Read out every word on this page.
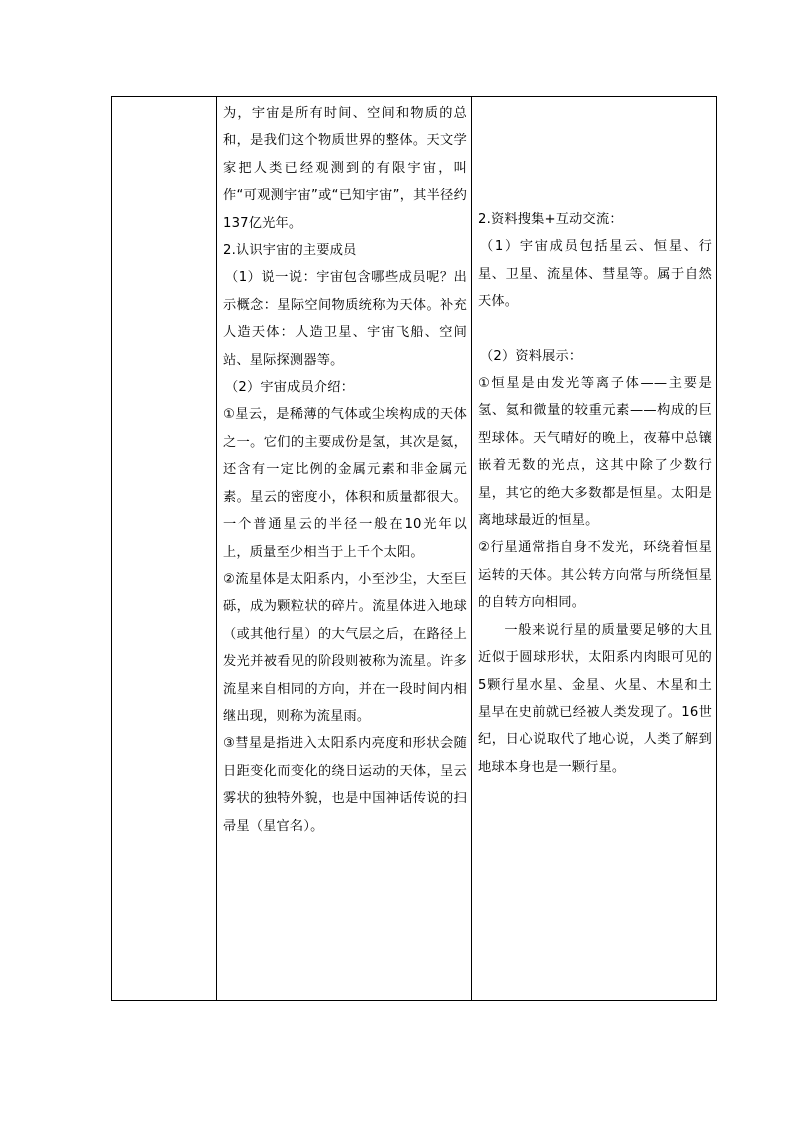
为，宇宙是所有时间、空间和物质的总和，是我们这个物质世界的整体。天文学家把人类已经观测到的有限宇宙，叫作“可观测宇宙”或“已知宇宙”，其半径约137亿光年。

2.认识宇宙的主要成员

（1）说一说：宇宙包含哪些成员呢？出示概念：星际空间物质统称为天体。补充人造天体：人造卫星、宇宙飞船、空间站、星际探测器等。

（2）宇宙成员介绍：

①星云，是稀薄的气体或尘埃构成的天体之一。它们的主要成份是氢，其次是氦，还含有一定比例的金属元素和非金属元素。星云的密度小，体积和质量都很大。一个普通星云的半径一般在10光年以上，质量至少相当于上千个太阳。

②流星体是太阳系内，小至沙尘，大至巨砾，成为颗粒状的碎片。流星体进入地球（或其他行星）的大气层之后，在路径上发光并被看见的阶段则被称为流星。许多流星来自相同的方向，并在一段时间内相继出现，则称为流星雨。

③彗星是指进入太阳系内亮度和形状会随日距变化而变化的绕日运动的天体，呈云雾状的独特外貌，也是中国神话传说的扫帚星（星官名）。

2.资料搜集+互动交流：

（1）宇宙成员包括星云、恒星、行星、卫星、流星体、彗星等。属于自然天体。

（2）资料展示：

①恒星是由发光等离子体——主要是氢、氦和微量的较重元素——构成的巨型球体。天气晴好的晚上，夜幕中总镶嵌着无数的光点，这其中除了少数行星，其它的绝大多数都是恒星。太阳是离地球最近的恒星。

②行星通常指自身不发光，环绕着恒星运转的天体。其公转方向常与所绕恒星的自转方向相同。

一般来说行星的质量要足够的大且近似于圆球形状，太阳系内肉眼可见的5颗行星水星、金星、火星、木星和土星早在史前就已经被人类发现了。16世纪，日心说取代了地心说，人类了解到地球本身也是一颗行星。
